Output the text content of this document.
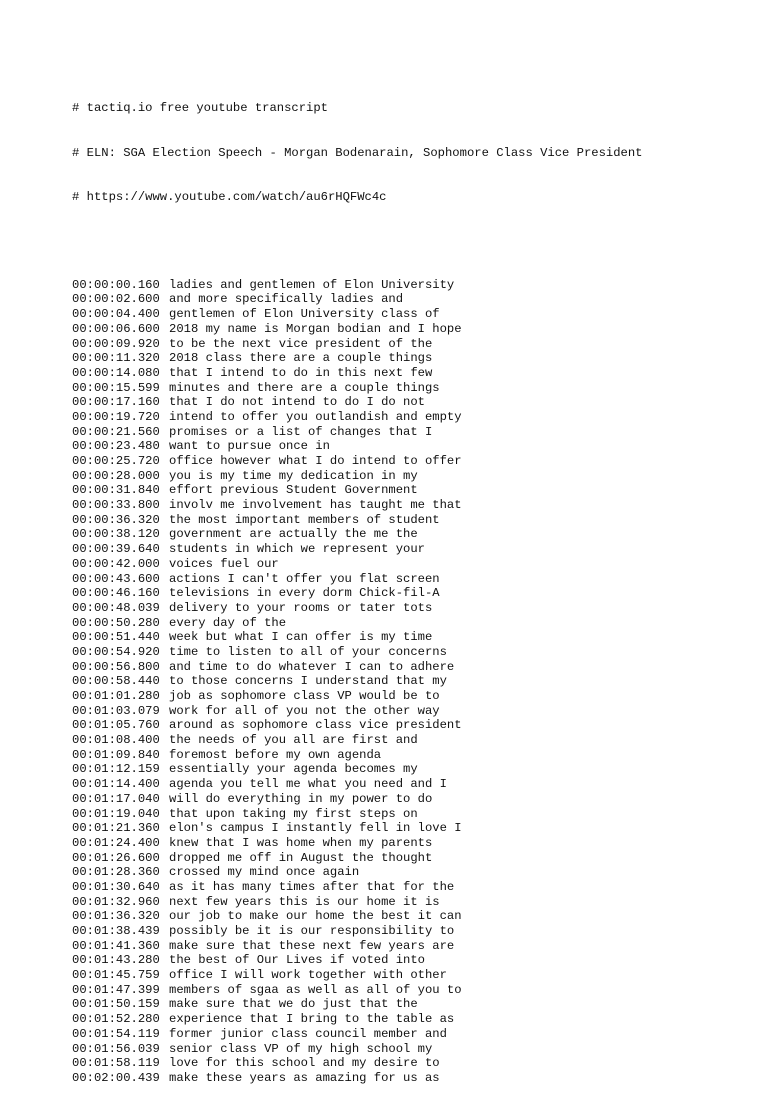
# tactiq.io free youtube transcript

# ELN: SGA Election Speech - Morgan Bodenarain, Sophomore Class Vice President

# https://www.youtube.com/watch/au6rHQFWc4c

00:00:00.160 ladies and gentlemen of Elon University
00:00:02.600 and more specifically ladies and
00:00:04.400 gentlemen of Elon University class of
00:00:06.600 2018 my name is Morgan bodian and I hope
00:00:09.920 to be the next vice president of the
00:00:11.320 2018 class there are a couple things
00:00:14.080 that I intend to do in this next few
00:00:15.599 minutes and there are a couple things
00:00:17.160 that I do not intend to do I do not
00:00:19.720 intend to offer you outlandish and empty
00:00:21.560 promises or a list of changes that I
00:00:23.480 want to pursue once in
00:00:25.720 office however what I do intend to offer
00:00:28.000 you is my time my dedication in my
00:00:31.840 effort previous Student Government
00:00:33.800 involv me involvement has taught me that
00:00:36.320 the most important members of student
00:00:38.120 government are actually the me the
00:00:39.640 students in which we represent your
00:00:42.000 voices fuel our
00:00:43.600 actions I can't offer you flat screen
00:00:46.160 televisions in every dorm Chick-fil-A
00:00:48.039 delivery to your rooms or tater tots
00:00:50.280 every day of the
00:00:51.440 week but what I can offer is my time
00:00:54.920 time to listen to all of your concerns
00:00:56.800 and time to do whatever I can to adhere
00:00:58.440 to those concerns I understand that my
00:01:01.280 job as sophomore class VP would be to
00:01:03.079 work for all of you not the other way
00:01:05.760 around as sophomore class vice president
00:01:08.400 the needs of you all are first and
00:01:09.840 foremost before my own agenda
00:01:12.159 essentially your agenda becomes my
00:01:14.400 agenda you tell me what you need and I
00:01:17.040 will do everything in my power to do
00:01:19.040 that upon taking my first steps on
00:01:21.360 elon's campus I instantly fell in love I
00:01:24.400 knew that I was home when my parents
00:01:26.600 dropped me off in August the thought
00:01:28.360 crossed my mind once again
00:01:30.640 as it has many times after that for the
00:01:32.960 next few years this is our home it is
00:01:36.320 our job to make our home the best it can
00:01:38.439 possibly be it is our responsibility to
00:01:41.360 make sure that these next few years are
00:01:43.280 the best of Our Lives if voted into
00:01:45.759 office I will work together with other
00:01:47.399 members of sgaa as well as all of you to
00:01:50.159 make sure that we do just that the
00:01:52.280 experience that I bring to the table as
00:01:54.119 former junior class council member and
00:01:56.039 senior class VP of my high school my
00:01:58.119 love for this school and my desire to
00:02:00.439 make these years as amazing for us as
